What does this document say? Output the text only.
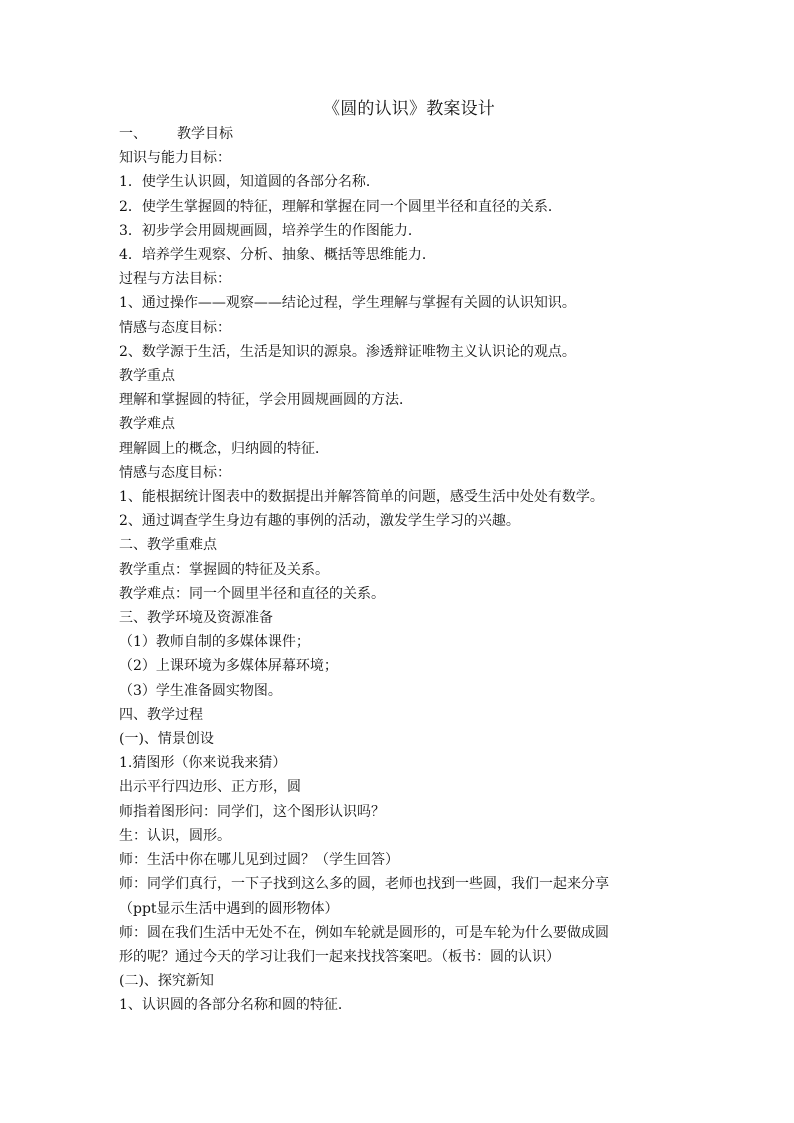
《圆的认识》教案设计
一、 教学目标
知识与能力目标：
1．使学生认识圆，知道圆的各部分名称．
2．使学生掌握圆的特征，理解和掌握在同一个圆里半径和直径的关系．
3．初步学会用圆规画圆，培养学生的作图能力．
4．培养学生观察、分析、抽象、概括等思维能力．
过程与方法目标：
1、通过操作——观察——结论过程，学生理解与掌握有关圆的认识知识。
情感与态度目标：
2、数学源于生活，生活是知识的源泉。渗透辩证唯物主义认识论的观点。
教学重点
理解和掌握圆的特征，学会用圆规画圆的方法．
教学难点
理解圆上的概念，归纳圆的特征．
情感与态度目标：
1、能根据统计图表中的数据提出并解答简单的问题，感受生活中处处有数学。
2、通过调查学生身边有趣的事例的活动，激发学生学习的兴趣。
二、教学重难点
教学重点：掌握圆的特征及关系。
教学难点：同一个圆里半径和直径的关系。
三、教学环境及资源准备
（1）教师自制的多媒体课件；
（2）上课环境为多媒体屏幕环境；
（3）学生准备圆实物图。
四、教学过程
(一)、情景创设
1.猜图形（你来说我来猜）
出示平行四边形、正方形，圆
师指着图形问：同学们，这个图形认识吗？
生：认识，圆形。
师：生活中你在哪儿见到过圆？（学生回答）
师：同学们真行，一下子找到这么多的圆，老师也找到一些圆，我们一起来分享
（ppt显示生活中遇到的圆形物体）
师：圆在我们生活中无处不在，例如车轮就是圆形的，可是车轮为什么要做成圆
形的呢？通过今天的学习让我们一起来找找答案吧。（板书：圆的认识）
(二)、探究新知
1、认识圆的各部分名称和圆的特征．
